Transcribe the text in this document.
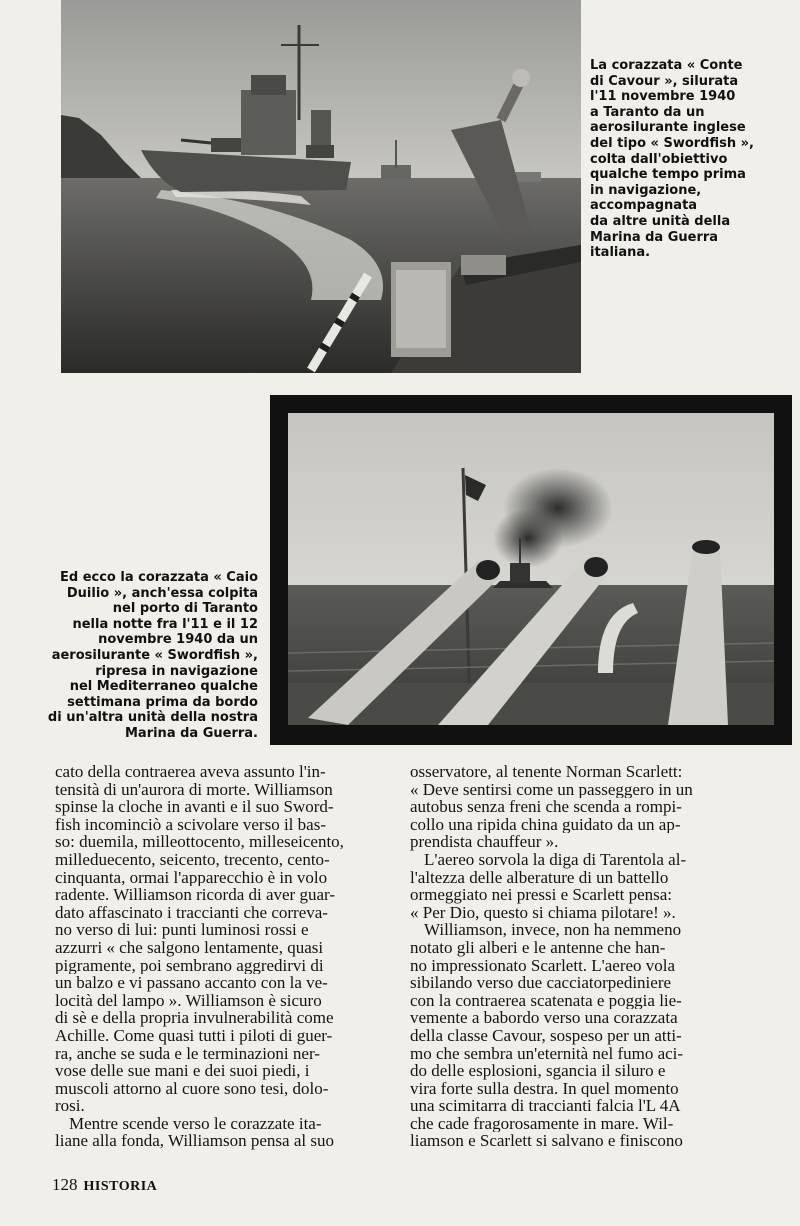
La corazzata « Conte
di Cavour », silurata
l'11 novembre 1940
a Taranto da un
aerosilurante inglese
del tipo « Swordfish »,
colta dall'obiettivo
qualche tempo prima
in navigazione,
accompagnata
da altre unità della
Marina da Guerra
italiana.
Ed ecco la corazzata « Caio
Duilio », anch'essa colpita
nel porto di Taranto
nella notte fra l'11 e il 12
novembre 1940 da un
aerosilurante « Swordfish »,
ripresa in navigazione
nel Mediterraneo qualche
settimana prima da bordo
di un'altra unità della nostra
Marina da Guerra.
cato della contraerea aveva assunto l'in-
tensità di un'aurora di morte. Williamson
spinse la cloche in avanti e il suo Sword-
fish incominciò a scivolare verso il bas-
so: duemila, milleottocento, milleseicento,
milleduecento, seicento, trecento, cento-
cinquanta, ormai l'apparecchio è in volo
radente. Williamson ricorda di aver guar-
dato affascinato i traccianti che correva-
no verso di lui: punti luminosi rossi e
azzurri « che salgono lentamente, quasi
pigramente, poi sembrano aggredirvi di
un balzo e vi passano accanto con la ve-
locità del lampo ». Williamson è sicuro
di sè e della propria invulnerabilità come
Achille. Come quasi tutti i piloti di guer-
ra, anche se suda e le terminazioni ner-
vose delle sue mani e dei suoi piedi, i
muscoli attorno al cuore sono tesi, dolo-
rosi.
Mentre scende verso le corazzate ita-
liane alla fonda, Williamson pensa al suo
osservatore, al tenente Norman Scarlett:
« Deve sentirsi come un passeggero in un
autobus senza freni che scenda a rompi-
collo una ripida china guidato da un ap-
prendista chauffeur ».
L'aereo sorvola la diga di Tarentola al-
l'altezza delle alberature di un battello
ormeggiato nei pressi e Scarlett pensa:
« Per Dio, questo si chiama pilotare! ».
Williamson, invece, non ha nemmeno
notato gli alberi e le antenne che han-
no impressionato Scarlett. L'aereo vola
sibilando verso due cacciatorpediniere
con la contraerea scatenata e poggia lie-
vemente a babordo verso una corazzata
della classe Cavour, sospeso per un atti-
mo che sembra un'eternità nel fumo aci-
do delle esplosioni, sgancia il siluro e
vira forte sulla destra. In quel momento
una scimitarra di traccianti falcia l'L 4A
che cade fragorosamente in mare. Wil-
liamson e Scarlett si salvano e finiscono
128 HISTORIA
